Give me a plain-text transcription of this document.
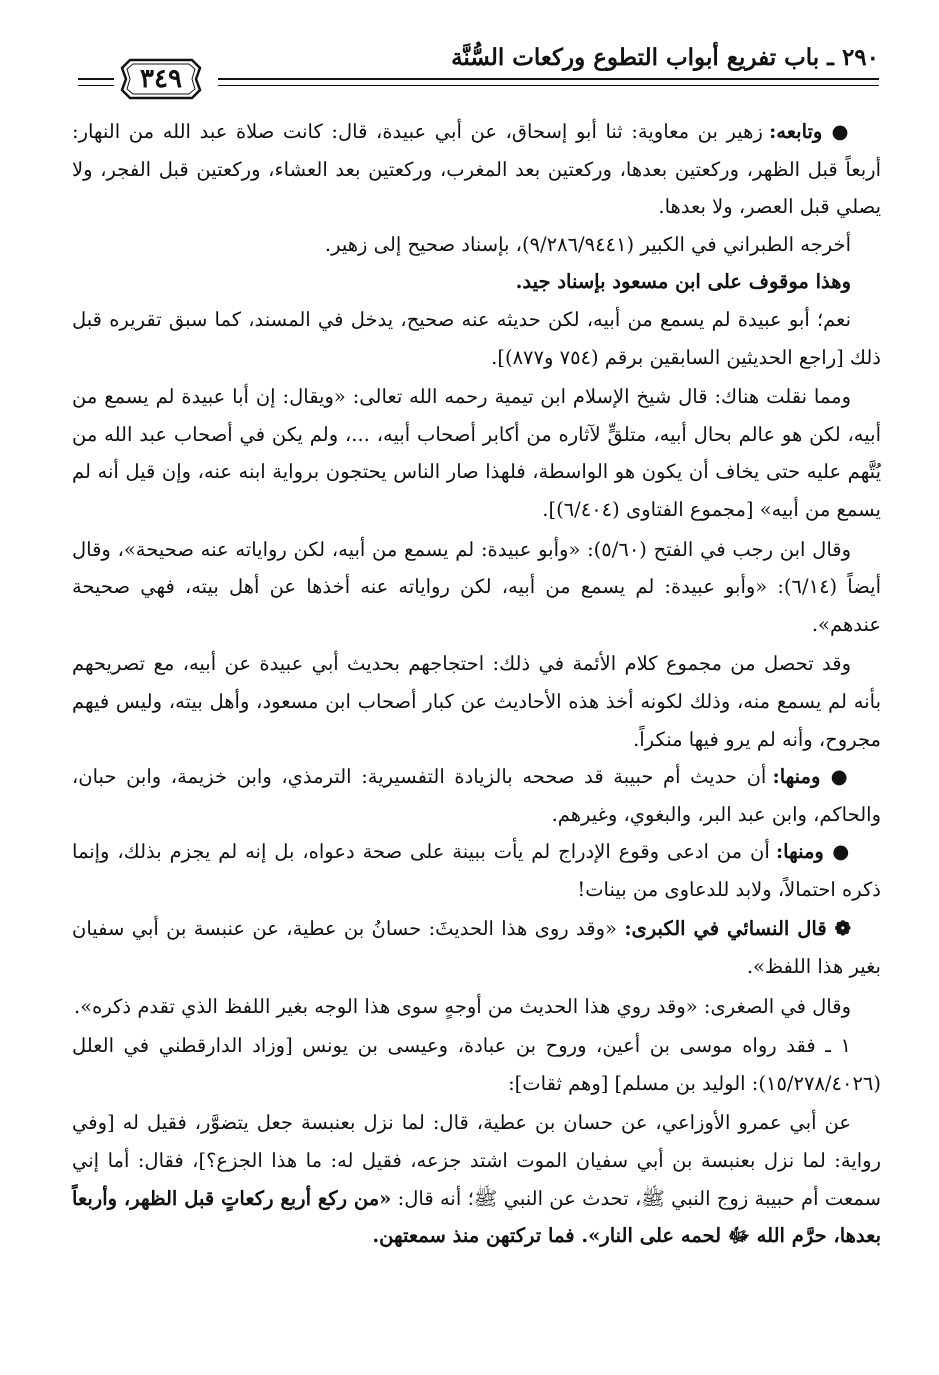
٢٩٠ ـ باب تفريع أبواب التطوع وركعات السُّنَّة
٣٤٩

● وتابعه: زهير بن معاوية: ثنا أبو إسحاق، عن أبي عبيدة، قال: كانت صلاة عبد الله من النهار: أربعاً قبل الظهر، وركعتين بعدها، وركعتين بعد المغرب، وركعتين بعد العشاء، وركعتين قبل الفجر، ولا يصلي قبل العصر، ولا بعدها.

أخرجه الطبراني في الكبير (٩/٢٨٦/٩٤٤١)، بإسناد صحيح إلى زهير.

وهذا موقوف على ابن مسعود بإسناد جيد.

نعم؛ أبو عبيدة لم يسمع من أبيه، لكن حديثه عنه صحيح، يدخل في المسند، كما سبق تقريره قبل ذلك [راجع الحديثين السابقين برقم (٧٥٤ و٨٧٧)].

ومما نقلت هناك: قال شيخ الإسلام ابن تيمية رحمه الله تعالى: «ويقال: إن أبا عبيدة لم يسمع من أبيه، لكن هو عالم بحال أبيه، متلقٍّ لآثاره من أكابر أصحاب أبيه، ...، ولم يكن في أصحاب عبد الله من يُتَّهم عليه حتى يخاف أن يكون هو الواسطة، فلهذا صار الناس يحتجون برواية ابنه عنه، وإن قيل أنه لم يسمع من أبيه» [مجموع الفتاوى (٦/٤٠٤)].

وقال ابن رجب في الفتح (٥/٦٠): «وأبو عبيدة: لم يسمع من أبيه، لكن رواياته عنه صحيحة»، وقال أيضاً (٦/١٤): «وأبو عبيدة: لم يسمع من أبيه، لكن رواياته عنه أخذها عن أهل بيته، فهي صحيحة عندهم».

وقد تحصل من مجموع كلام الأئمة في ذلك: احتجاجهم بحديث أبي عبيدة عن أبيه، مع تصريحهم بأنه لم يسمع منه، وذلك لكونه أخذ هذه الأحاديث عن كبار أصحاب ابن مسعود، وأهل بيته، وليس فيهم مجروح، وأنه لم يرو فيها منكراً.

● ومنها: أن حديث أم حبيبة قد صححه بالزيادة التفسيرية: الترمذي، وابن خزيمة، وابن حبان، والحاكم، وابن عبد البر، والبغوي، وغيرهم.

● ومنها: أن من ادعى وقوع الإدراج لم يأت ببينة على صحة دعواه، بل إنه لم يجزم بذلك، وإنما ذكره احتمالاً، ولابد للدعاوى من بينات!

❁ قال النسائي في الكبرى: «وقد روى هذا الحديثَ: حسانُ بن عطية، عن عنبسة بن أبي سفيان بغير هذا اللفظ».

وقال في الصغرى: «وقد روي هذا الحديث من أوجهٍ سوى هذا الوجه بغير اللفظ الذي تقدم ذكره».

١ ـ فقد رواه موسى بن أعين، وروح بن عبادة، وعيسى بن يونس [وزاد الدارقطني في العلل (١٥/٢٧٨/٤٠٢٦): الوليد بن مسلم] [وهم ثقات]:

عن أبي عمرو الأوزاعي، عن حسان بن عطية، قال: لما نزل بعنبسة جعل يتضوَّر، فقيل له [وفي رواية: لما نزل بعنبسة بن أبي سفيان الموت اشتد جزعه، فقيل له: ما هذا الجزع؟]، فقال: أما إني سمعت أم حبيبة زوج النبي ﷺ، تحدث عن النبي ﷺ؛ أنه قال: «من ركع أربع ركعاتٍ قبل الظهر، وأربعاً بعدها، حرَّم الله ﷻ لحمه على النار». فما تركتهن منذ سمعتهن.
